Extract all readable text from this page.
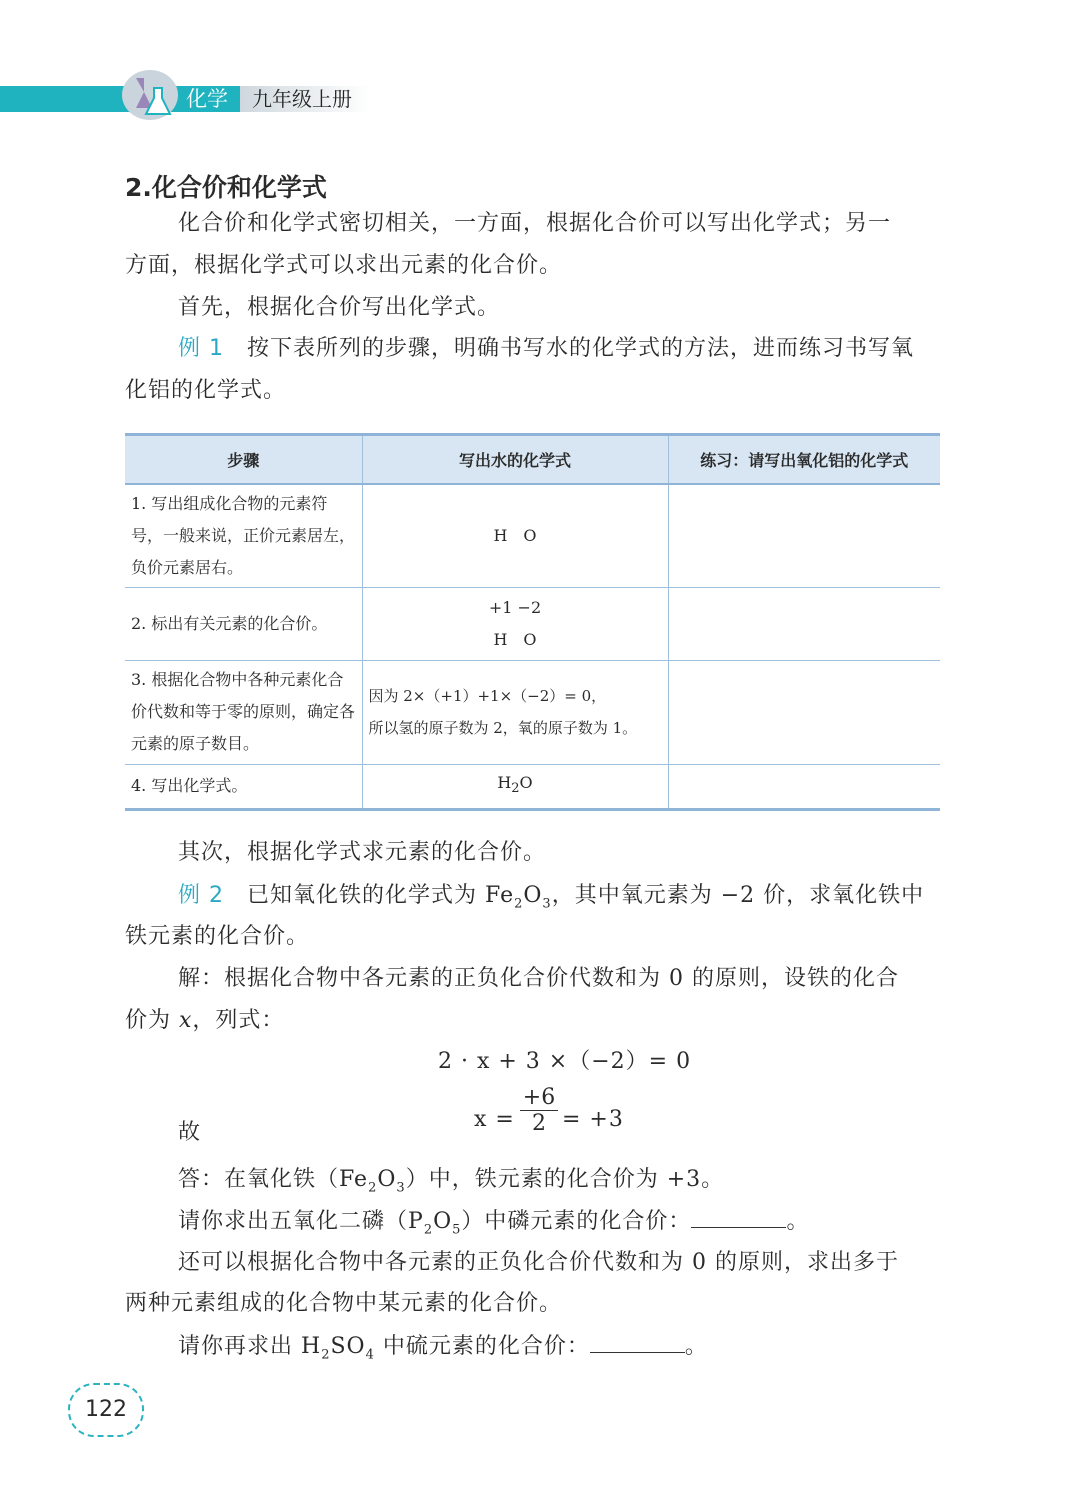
化学 九年级上册
2.化合价和化学式
化合价和化学式密切相关，一方面，根据化合价可以写出化学式；另一
方面，根据化学式可以求出元素的化合价。
首先，根据化合价写出化学式。
例 1　 按下表所列的步骤，明确书写水的化学式的方法，进而练习书写氧
化铝的化学式。
步骤	写出水的化学式	练习：请写出氧化铝的化学式
1. 写出组成化合物的元素符号，一般来说，正价元素居左，负价元素居右。	H　O	
2. 标出有关元素的化合价。	+1 −2
H　O	

3. 根据化合物中各种元素化合价代数和等于零的原则，确定各元素的原子数目。	因为 2×（+1）+1×（−2）= 0，
所以氢的原子数为 2，氧的原子数为 1。	

4. 写出化学式。	$H_2O$	
其次，根据化学式求元素的化合价。
例 2　 已知氧化铁的化学式为 $Fe_2O_3$，其中氧元素为 −2 价，求氧化铁中
铁元素的化合价。
解：根据化合物中各元素的正负化合价代数和为 0 的原则，设铁的化合
价为 x，列式：
2 · x + 3 ×（−2）= 0
故
$x = \frac{+6}{2} = +3$
答：在氧化铁$(Fe_2O_3)$中，铁元素的化合价为 +3。
请你求出五氧化二磷$(P_2O_5)$中磷元素的化合价：	。
还可以根据化合物中各元素的正负化合价代数和为 0 的原则，求出多于
两种元素组成的化合物中某元素的化合价。
请你再求出 $H_2SO_4$ 中硫元素的化合价：	。
122
